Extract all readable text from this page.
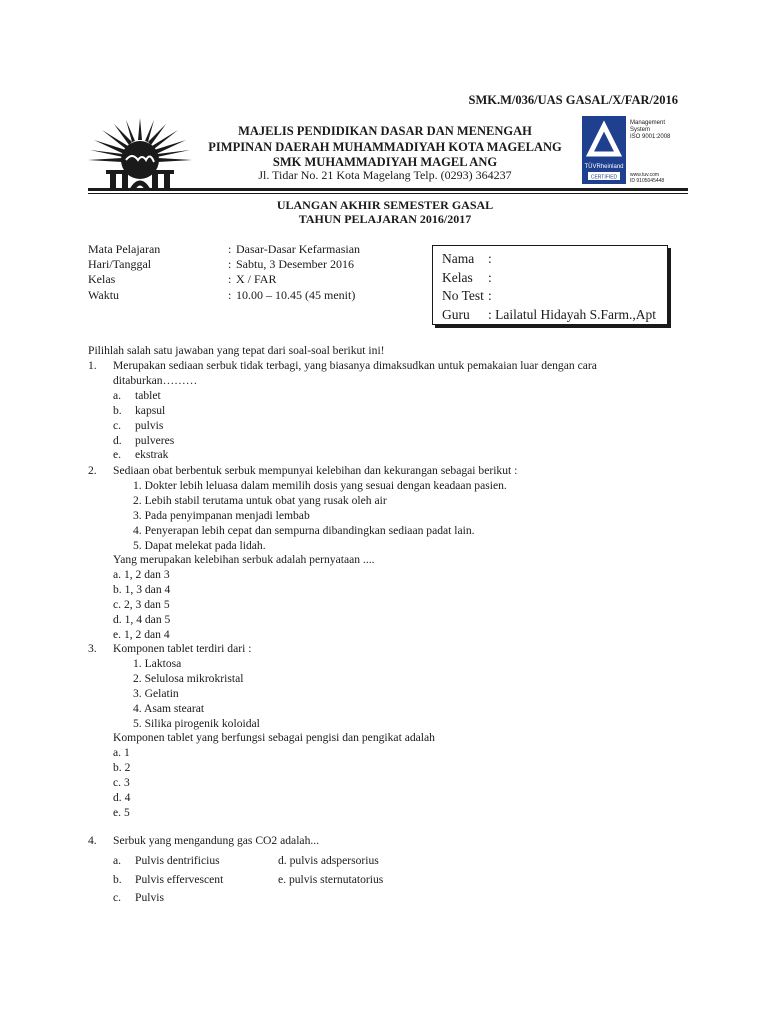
SMK.M/036/UAS GASAL/X/FAR/2016
MAJELIS PENDIDIKAN DASAR DAN MENENGAH
PIMPINAN DAERAH MUHAMMADIYAH KOTA MAGELANG
SMK MUHAMMADIYAH MAGEL ANG
Jl. Tidar No. 21 Kota Magelang Telp. (0293) 364237
TÜVRheinland
CERTIFIED
Management
System
ISO 9001:2008
www.tuv.com
ID 9105045448
ULANGAN AKHIR SEMESTER GASAL
TAHUN PELAJARAN 2016/2017
Mata Pelajaran	: Dasar-Dasar Kefarmasian
Hari/Tanggal	: Sabtu, 3 Desember 2016
Kelas	: X / FAR
Waktu	: 10.00 – 10.45 (45 menit)
Nama	:
Kelas	:
No Test :
Guru	: Lailatul Hidayah S.Farm.,Apt
Pilihlah salah satu jawaban yang tepat dari soal-soal berikut ini!
1. Merupakan sediaan serbuk tidak terbagi, yang biasanya dimaksudkan untuk pemakaian luar dengan cara
ditaburkan………
a.	tablet
b.	kapsul
c.	pulvis
d.	pulveres
e.	ekstrak
2. Sediaan obat berbentuk serbuk mempunyai kelebihan dan kekurangan sebagai berikut :
1. Dokter lebih leluasa dalam memilih dosis yang sesuai dengan keadaan pasien.
2. Lebih stabil terutama untuk obat yang rusak oleh air
3. Pada penyimpanan menjadi lembab
4. Penyerapan lebih cepat dan sempurna dibandingkan sediaan padat lain.
5. Dapat melekat pada lidah.
Yang merupakan kelebihan serbuk adalah pernyataan ....
a. 1, 2 dan 3
b. 1, 3 dan 4
c. 2, 3 dan 5
d. 1, 4 dan 5
e. 1, 2 dan 4
3. Komponen tablet terdiri dari :
1. Laktosa
2. Selulosa mikrokristal
3. Gelatin
4. Asam stearat
5. Silika pirogenik koloidal
Komponen tablet yang berfungsi sebagai pengisi dan pengikat adalah
a. 1
b. 2
c. 3
d. 4
e. 5
4. Serbuk yang mengandung gas CO2 adalah...
a.	Pulvis dentrificius	d. pulvis adspersorius
b.	Pulvis effervescent	e. pulvis sternutatorius
c.	Pulvis
